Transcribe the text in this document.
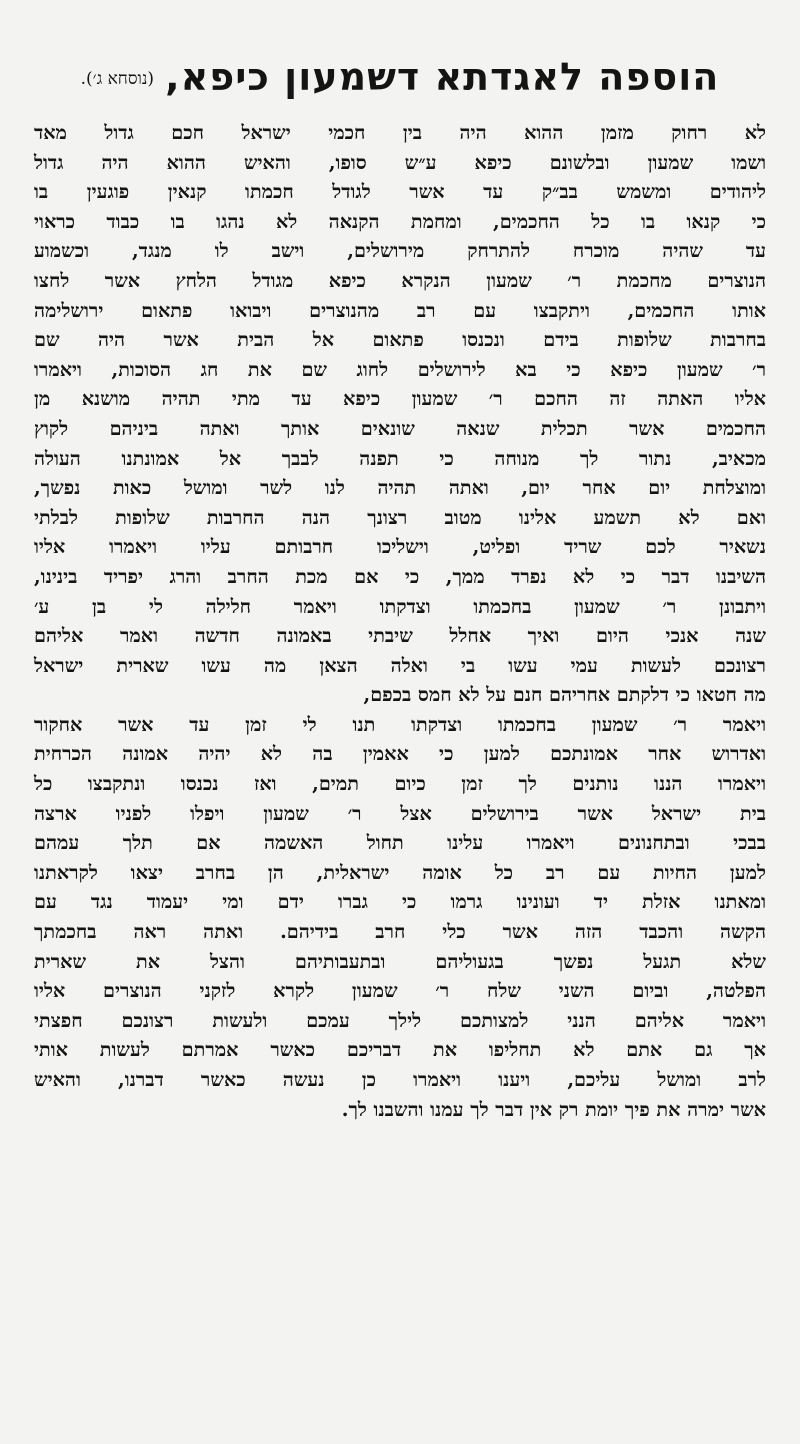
הוספה לאגדתא דשמעון כיפא, (נוסחא ג׳).
לא רחוק מזמן ההוא היה בין חכמי ישראל חכם גדול מאד
ושמו שמעון ובלשונם כיפא ע״ש סופו, והאיש ההוא היה גדול
ליהודים ומשמש בב״ק עד אשר לגודל חכמתו קנאין פוגעין בו
כי קנאו בו כל החכמים, ומחמת הקנאה לא נהגו בו כבוד כראוי
עד שהיה מוכרח להתרחק מירושלים, וישב לו מנגד, וכשמוע
הנוצרים מחכמת ר׳ שמעון הנקרא כיפא מגודל הלחץ אשר לחצו
אותו החכמים, ויתקבצו עם רב מהנוצרים ויבואו פתאום ירושלימה
בחרבות שלופות בידם ונכנסו פתאום אל הבית אשר היה שם
ר׳ שמעון כיפא כי בא לירושלים לחוג שם את חג הסוכות, ויאמרו
אליו האתה זה החכם ר׳ שמעון כיפא עד מתי תהיה מושנא מן
החכמים אשר תכלית שנאה שונאים אותך ואתה ביניהם לקוץ
מכאיב, נתור לך מנוחה כי תפנה לבבך אל אמונתנו העולה
ומוצלחת יום אחר יום, ואתה תהיה לנו לשר ומושל כאות נפשך,
ואם לא תשמע אלינו מטוב רצונך הנה החרבות שלופות לבלתי
נשאיר לכם שריד ופליט, וישליכו חרבותם עליו ויאמרו אליו
השיבנו דבר כי לא נפרד ממך, כי אם מכת החרב והרג יפריד בינינו,
ויתבונן ר׳ שמעון בחכמתו וצדקתו ויאמר חלילה לי בן ע׳
שנה אנכי היום ואיך אחלל שיבתי באמונה חדשה ואמר אליהם
רצונכם לעשות עמי עשו בי ואלה הצאן מה עשו שארית ישראל
מה חטאו כי דלקתם אחריהם חנם על לא חמס בכפם,
ויאמר ר׳ שמעון בחכמתו וצדקתו תנו לי זמן עד אשר אחקור
ואדרוש אחר אמונתכם למען כי אאמין בה לא יהיה אמונה הכרחית
ויאמרו הננו נותנים לך זמן כיום תמים, ואז נכנסו ונתקבצו כל
בית ישראל אשר בירושלים אצל ר׳ שמעון ויפלו לפניו ארצה
בבכי ובתחנונים ויאמרו עלינו תחול האשמה אם תלך עמהם
למען החיות עם רב כל אומה ישראלית, הן בחרב יצאו לקראתנו
ומאתנו אזלת יד ועונינו גרמו כי גברו ידם ומי יעמוד נגד עם
הקשה והכבד הזה אשר כלי חרב בידיהם. ואתה ראה בחכמתך
שלא תגעל נפשך בגעוליהם ובתעבותיהם והצל את שארית
הפלטה, וביום השני שלח ר׳ שמעון לקרא לזקני הנוצרים אליו
ויאמר אליהם הנני למצותכם לילך עמכם ולעשות רצונכם חפצתי
אך גם אתם לא תחליפו את דבריכם כאשר אמרתם לעשות אותי
לרב ומושל עליכם, ויענו ויאמרו כן נעשה כאשר דברנו, והאיש
אשר ימרה את פיך יומת רק אין דבר לך עמנו והשבנו לך.
